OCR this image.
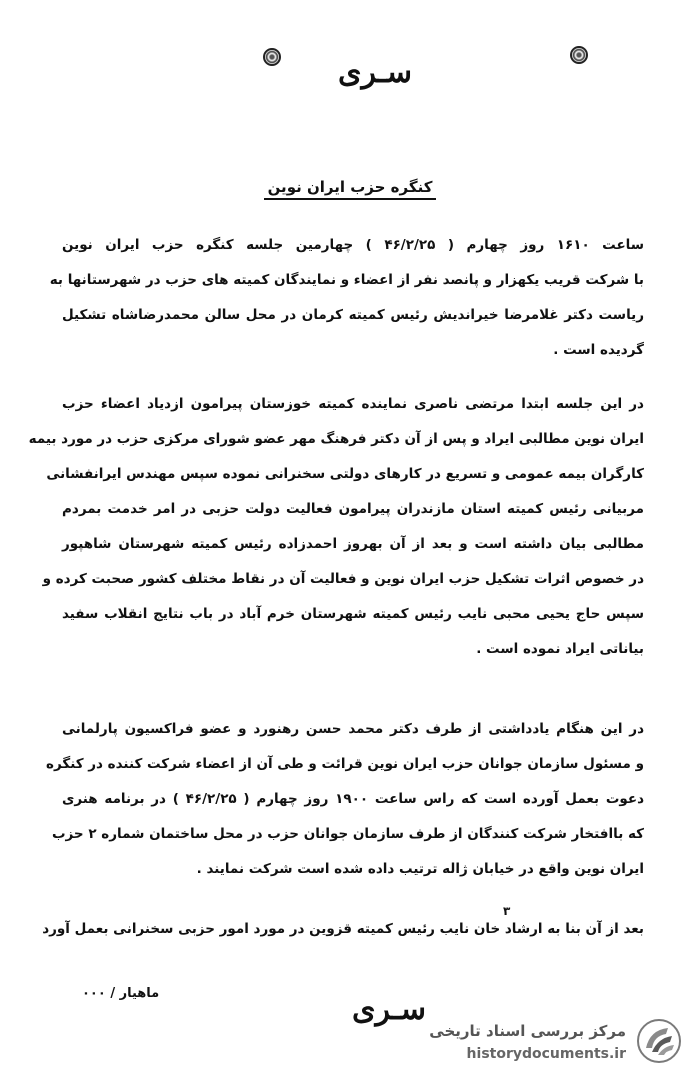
سـری
کنگره حزب ایران نوین
ساعت ۱۶۱۰ روز چهارم ( ۴۶/۲/۲۵ ) چهارمین جلسه کنگره حزب ایران نوین
با شرکت قریب یکهزار و پانصد نفر از اعضاء و نمایندگان کمیته های حزب در شهرستانها به
ریاست دکتر غلامرضا خیراندیش رئیس کمیته کرمان در محل سالن محمدرضاشاه تشکیل
گردیده است .
در این جلسه ابتدا مرتضی ناصری نماینده کمیته خوزستان پیرامون ازدیاد اعضاء حزب
ایران نوین مطالبی ایراد و پس از آن دکتر فرهنگ مهر عضو شورای مرکزی حزب در مورد بیمه
کارگران بیمه عمومی و تسریع در کارهای دولتی سخنرانی نموده سپس مهندس ایرانفشانی
مربیانی رئیس کمیته استان مازندران پیرامون فعالیت دولت حزبی در امر خدمت بمردم
مطالبی بیان داشته است و بعد از آن بهروز احمدزاده رئیس کمیته شهرستان شاهپور
در خصوص اثرات تشکیل حزب ایران نوین و فعالیت آن در نقاط مختلف کشور صحبت کرده و
سپس حاج یحیی محبی نایب رئیس کمیته شهرستان خرم آباد در باب نتایج انقلاب سفید
بیاناتی ایراد نموده است .
در این هنگام یادداشتی از طرف دکتر محمد حسن رهنورد و عضو فراکسیون پارلمانی
و مسئول سازمان جوانان حزب ایران نوین قرائت و طی آن از اعضاء شرکت کننده در کنگره
دعوت بعمل آورده است که راس ساعت ۱۹۰۰ روز چهارم ( ۴۶/۲/۲۵ ) در برنامه هنری
که باافتخار شرکت کنندگان از طرف سازمان جوانان حزب در محل ساختمان شماره ۲ حزب
ایران نوین واقع در خیابان ژاله ترتیب داده شده است شرکت نمایند .
۳
بعد از آن بنا به ارشاد خان نایب رئیس کمیته قزوین در مورد امور حزبی سخنرانی بعمل آورد
ماهیار / ۰۰۰	سـری
مرکز بررسی اسناد تاریخی
historydocuments.ir
